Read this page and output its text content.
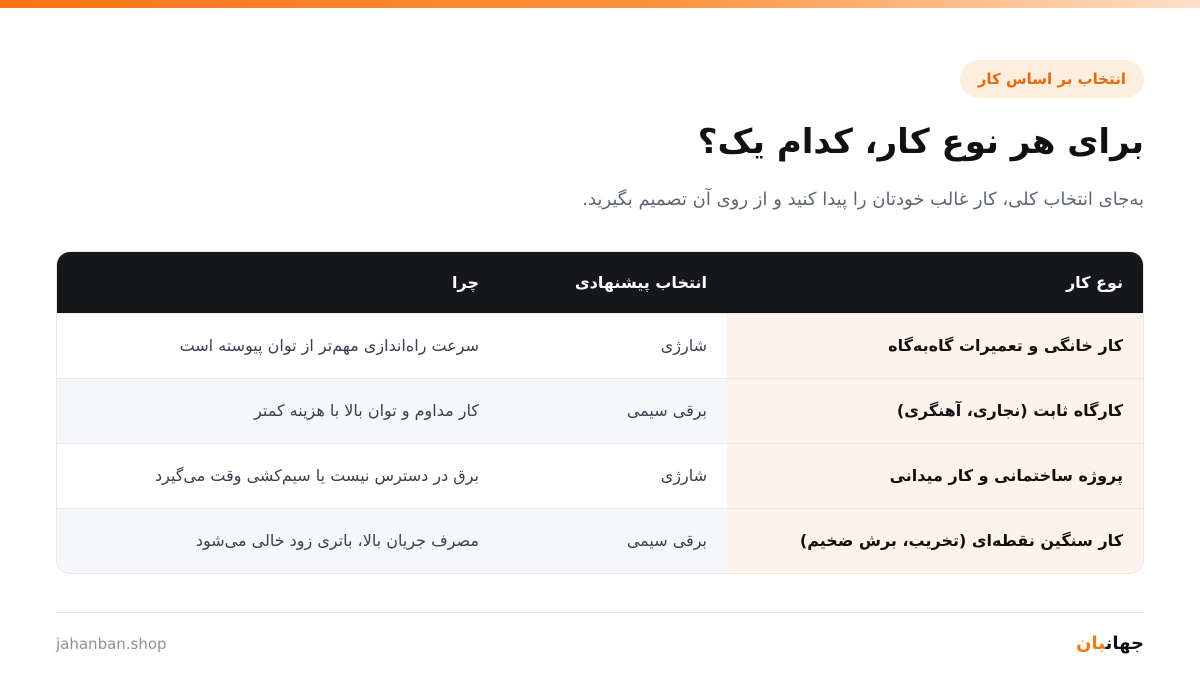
انتخاب بر اساس کار
برای هر نوع کار، کدام یک؟
به‌جای انتخاب کلی، کار غالب خودتان را پیدا کنید و از روی آن تصمیم بگیرید.
نوع کار
انتخاب پیشنهادی
چرا
کار خانگی و تعمیرات گاه‌به‌گاه
شارژی
سرعت راه‌اندازی مهم‌تر از توان پیوسته است
کارگاه ثابت (نجاری، آهنگری)
برقی سیمی
کار مداوم و توان بالا با هزینه کمتر
پروژه ساختمانی و کار میدانی
شارژی
برق در دسترس نیست یا سیم‌کشی وقت می‌گیرد
کار سنگین نقطه‌ای (تخریب، برش ضخیم)
برقی سیمی
مصرف جریان بالا، باتری زود خالی می‌شود
جهانبان
jahanban.shop
